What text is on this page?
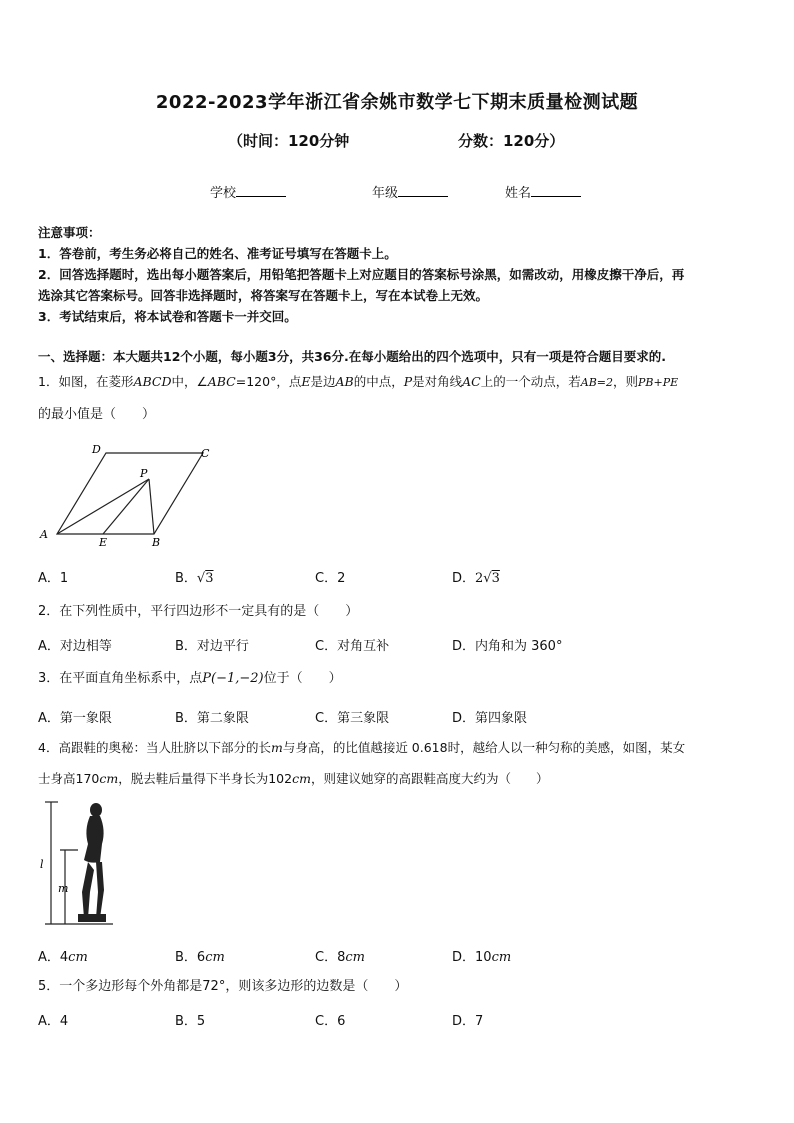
2022-2023学年浙江省余姚市数学七下期末质量检测试题
（时间：120分钟	分数：120分）
学校	年级	姓名
注意事项：
1．答卷前，考生务必将自己的姓名、准考证号填写在答题卡上。
2．回答选择题时，选出每小题答案后，用铅笔把答题卡上对应题目的答案标号涂黑，如需改动，用橡皮擦干净后，再
选涂其它答案标号。回答非选择题时，将答案写在答题卡上，写在本试卷上无效。
3．考试结束后，将本试卷和答题卡一并交回。
一、选择题：本大题共12个小题，每小题3分，共36分.在每小题给出的四个选项中，只有一项是符合题目要求的.
1．如图，在菱形ABCD中，∠ABC=120°，点E是边AB的中点，P是对角线AC上的一个动点，若AB=2，则PB+PE
的最小值是（　　）
A
B
C
D
E
P
A．1	B．√3	C．2	D．2√3
2．在下列性质中，平行四边形不一定具有的是（　　）
A．对边相等	B．对边平行	C．对角互补	D．内角和为 360°
3．在平面直角坐标系中，点P(−1,−2)位于（　　）
A．第一象限	B．第二象限	C．第三象限	D．第四象限
4．高跟鞋的奥秘：当人肚脐以下部分的长m与身高，的比值越接近 0.618时，越给人以一种匀称的美感，如图，某女
士身高170cm，脱去鞋后量得下半身长为102cm，则建议她穿的高跟鞋高度大约为（　　）
l
m
A．4cm	B．6cm	C．8cm	D．10cm
5．一个多边形每个外角都是72°，则该多边形的边数是（　　）
A．4	B．5	C．6	D．7
